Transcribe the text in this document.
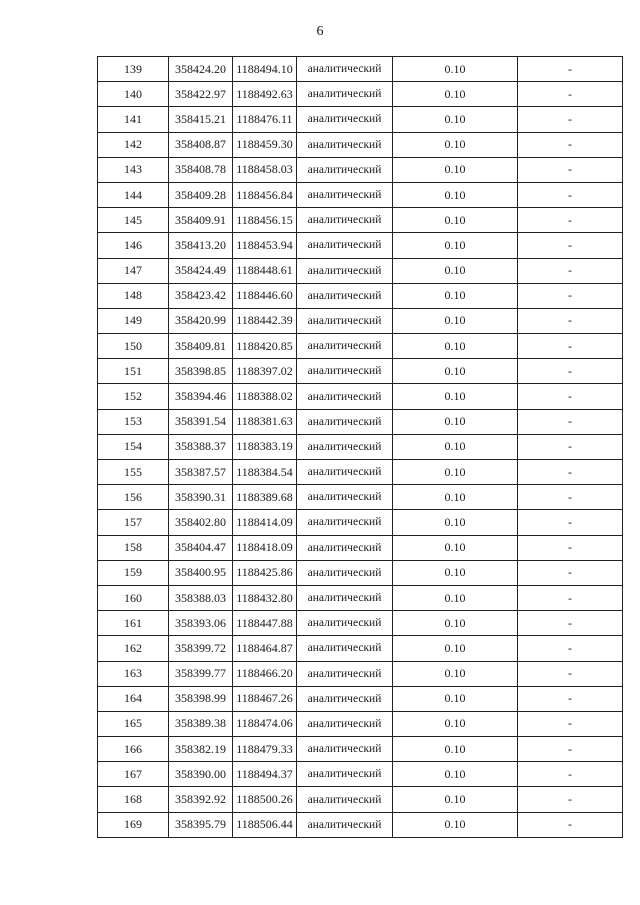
6
139	358424.20	1188494.10	аналитический	0.10	-
140	358422.97	1188492.63	аналитический	0.10	-
141	358415.21	1188476.11	аналитический	0.10	-
142	358408.87	1188459.30	аналитический	0.10	-
143	358408.78	1188458.03	аналитический	0.10	-
144	358409.28	1188456.84	аналитический	0.10	-
145	358409.91	1188456.15	аналитический	0.10	-
146	358413.20	1188453.94	аналитический	0.10	-
147	358424.49	1188448.61	аналитический	0.10	-
148	358423.42	1188446.60	аналитический	0.10	-
149	358420.99	1188442.39	аналитический	0.10	-
150	358409.81	1188420.85	аналитический	0.10	-
151	358398.85	1188397.02	аналитический	0.10	-
152	358394.46	1188388.02	аналитический	0.10	-
153	358391.54	1188381.63	аналитический	0.10	-
154	358388.37	1188383.19	аналитический	0.10	-
155	358387.57	1188384.54	аналитический	0.10	-
156	358390.31	1188389.68	аналитический	0.10	-
157	358402.80	1188414.09	аналитический	0.10	-
158	358404.47	1188418.09	аналитический	0.10	-
159	358400.95	1188425.86	аналитический	0.10	-
160	358388.03	1188432.80	аналитический	0.10	-
161	358393.06	1188447.88	аналитический	0.10	-
162	358399.72	1188464.87	аналитический	0.10	-
163	358399.77	1188466.20	аналитический	0.10	-
164	358398.99	1188467.26	аналитический	0.10	-
165	358389.38	1188474.06	аналитический	0.10	-
166	358382.19	1188479.33	аналитический	0.10	-
167	358390.00	1188494.37	аналитический	0.10	-
168	358392.92	1188500.26	аналитический	0.10	-
169	358395.79	1188506.44	аналитический	0.10	-
